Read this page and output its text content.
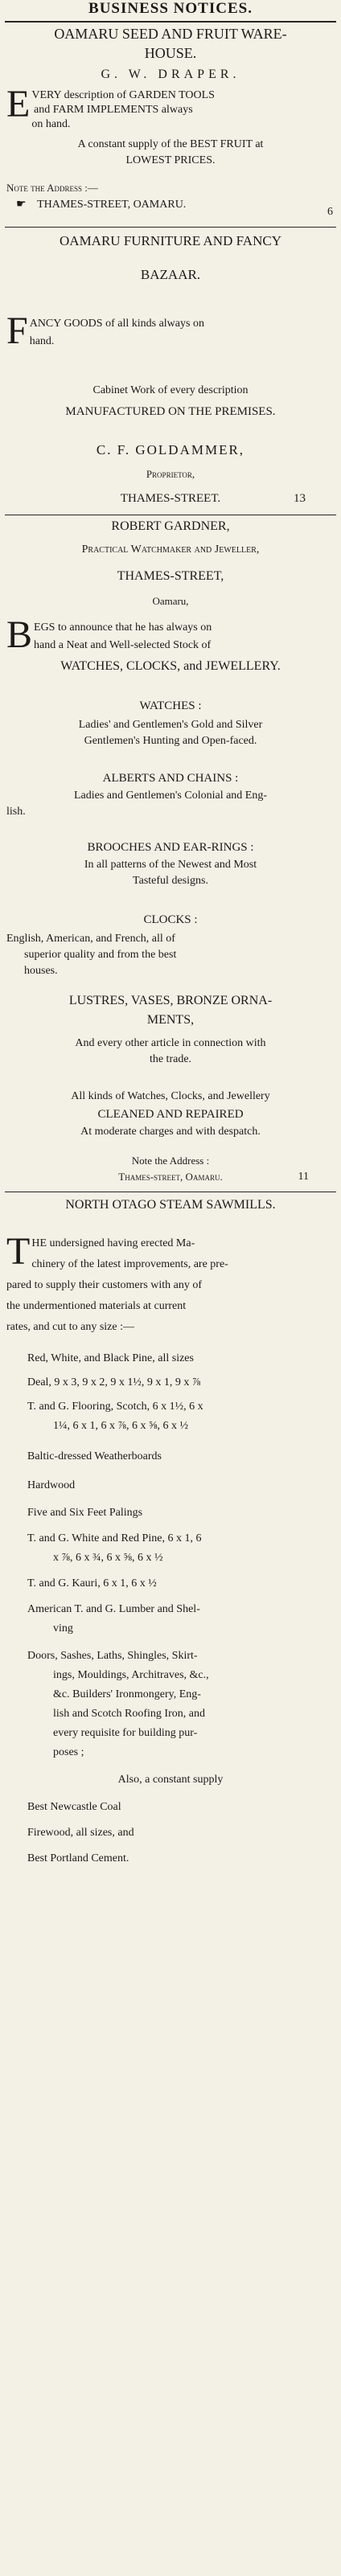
BUSINESS NOTICES.

OAMARU SEED AND FRUIT WARE-

HOUSE.

G. W. DRAPER.

E VERY description of GARDEN TOOLS
and FARM IMPLEMENTS always
on hand.

A constant supply of the BEST FRUIT at

LOWEST PRICES.

Note the Address :—

☛ THAMES-STREET, OAMARU.

6

OAMARU FURNITURE AND FANCY

BAZAAR.

F ANCY GOODS of all kinds always on
hand.

Cabinet Work of every description

MANUFACTURED ON THE PREMISES.

C. F. GOLDAMMER,

Proprietor,

THAMES-STREET.	13

ROBERT GARDNER,

Practical Watchmaker and Jeweller,

THAMES-STREET,

Oamaru,

B EGS to announce that he has always on
hand a Neat and Well-selected Stock of

WATCHES, CLOCKS, and JEWELLERY.

WATCHES :

Ladies' and Gentlemen's Gold and Silver

Gentlemen's Hunting and Open-faced.

ALBERTS AND CHAINS :

Ladies and Gentlemen's Colonial and Eng-

lish.

BROOCHES AND EAR-RINGS :

In all patterns of the Newest and Most

Tasteful designs.

CLOCKS :

English, American, and French, all of

superior quality and from the best

houses.

LUSTRES, VASES, BRONZE ORNA-

MENTS,

And every other article in connection with

the trade.

All kinds of Watches, Clocks, and Jewellery

CLEANED AND REPAIRED

At moderate charges and with despatch.

Note the Address :

Thames-street, Oamaru.	11

NORTH OTAGO STEAM SAWMILLS.

T HE undersigned having erected Ma-
chinery of the latest improvements, are pre-
pared to supply their customers with any of
the undermentioned materials at current
rates, and cut to any size :—

Red, White, and Black Pine, all sizes

Deal, 9 x 3, 9 x 2, 9 x 1½, 9 x 1, 9 x ⅞

T. and G. Flooring, Scotch, 6 x 1½, 6 x

1¼, 6 x 1, 6 x ⅞, 6 x ⅝, 6 x ½

Baltic-dressed Weatherboards

Hardwood

Five and Six Feet Palings

T. and G. White and Red Pine, 6 x 1, 6

x ⅞, 6 x ¾, 6 x ⅝, 6 x ½

T. and G. Kauri, 6 x 1, 6 x ½

American T. and G. Lumber and Shel-

ving

Doors, Sashes, Laths, Shingles, Skirt-

ings, Mouldings, Architraves, &c.,

&c. Builders' Ironmongery, Eng-

lish and Scotch Roofing Iron, and

every requisite for building pur-

poses ;

Also, a constant supply

Best Newcastle Coal

Firewood, all sizes, and

Best Portland Cement.
